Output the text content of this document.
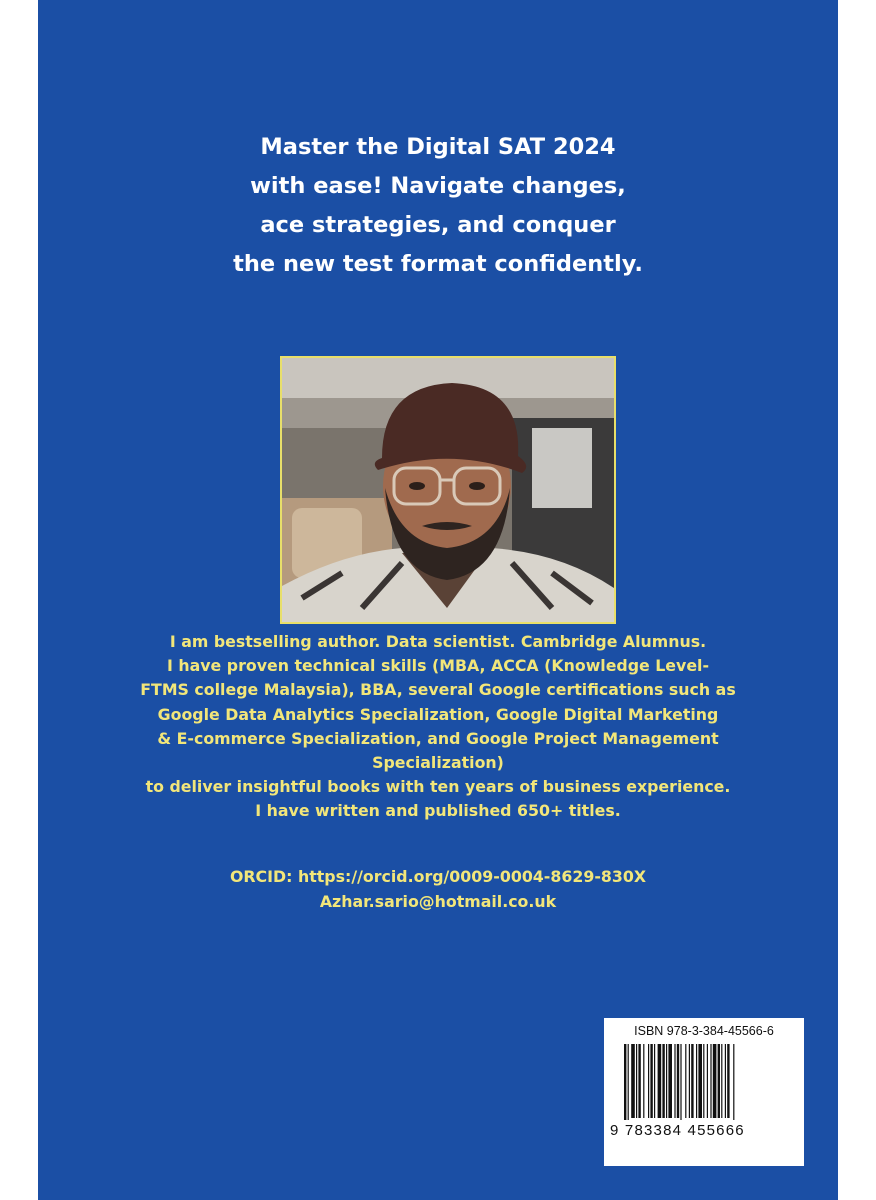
Master the Digital SAT 2024
with ease! Navigate changes,
ace strategies, and conquer
the new test format confidently.
I am bestselling author. Data scientist. Cambridge Alumnus.
I have proven technical skills (MBA, ACCA (Knowledge Level-
FTMS college Malaysia), BBA, several Google certifications such as
Google Data Analytics Specialization, Google Digital Marketing
& E-commerce Specialization, and Google Project Management
Specialization)
to deliver insightful books with ten years of business experience.
I have written and published 650+ titles.
ORCID: https://orcid.org/0009-0004-8629-830X
Azhar.sario@hotmail.co.uk
ISBN 978-3-384-45566-6
9 783384 455666
